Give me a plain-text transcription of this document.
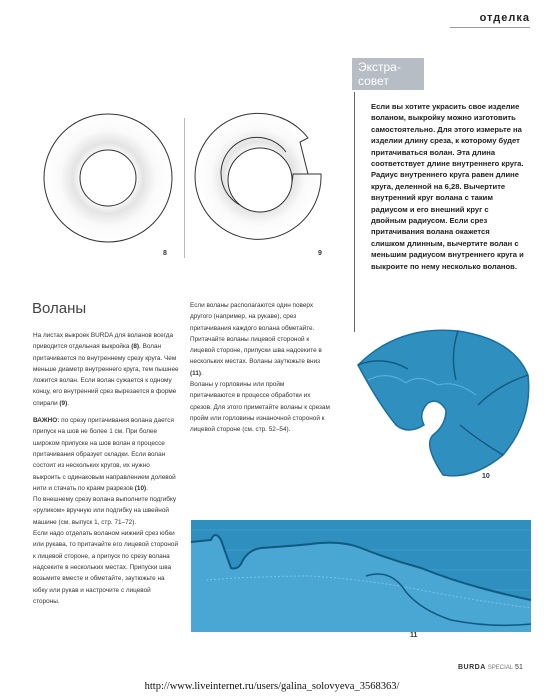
отделка
8	9
Экстра-
совет
Если вы хотите украсить свое изделие воланом, выкройку можно изготовить самостоятельно. Для этого измерьте на изделии длину среза, к которому будет притачиваться волан. Эта длина соответствует длине внутреннего круга. Радиус внутреннего круга равен длине круга, деленной на 6,28. Вычертите внутренний круг волана с таким радиусом и его внешний круг с двойным радиусом. Если срез притачивания волана окажется слишком длинным, вычертите волан с меньшим радиусом внутреннего круга и выкроите по нему несколько воланов.
10
11
Воланы

На листах выкроек BURDA для воланов всегда приводится отдельная выкройка (8). Волан притачивается по внутреннему срезу круга. Чем меньше диаметр внутреннего круга, тем пышнее ложится волан. Если волан сужается к одному концу, его внутренний срез вырезается в форме спирали (9).

ВАЖНО: по срезу притачивания волана дается припуск на шов не более 1 см. При более широком припуске на шов волан в процессе притачивания образует складки. Если волан состоит из нескольких кругов, их нужно выкроить с одинаковым направлением долевой нити и стачать по краям разрезов (10).

По внешнему срезу волана выполните подгибку «руликом» вручную или подгибку на швейной машине (см. выпуск 1, стр. 71–72).

Если надо отделать воланом нижний срез юбки или рукава, то притачайте его лицевой стороной к лицевой стороне, а припуск по срезу волана надсеките в нескольких местах. Припуски шва возьмите вместе и обметайте, заутюжьте на юбку или рукав и настрочите с лицевой стороны.

Если воланы располагаются один поверх другого (например, на рукаве), срез притачивания каждого волана обметайте.

Притачайте воланы лицевой стороной к лицевой стороне, припуски шва надсеките в нескольких местах. Воланы заутюжьте вниз (11).

Воланы у горловины или пройм притачиваются в процессе обработки их срезов. Для этого приметайте воланы к срезам пройм или горловины изнаночной стороной к лицевой стороне (см. стр. 52–54).

BURDA SPECIAL 51
http://www.liveinternet.ru/users/galina_solovyeva_3568363/
